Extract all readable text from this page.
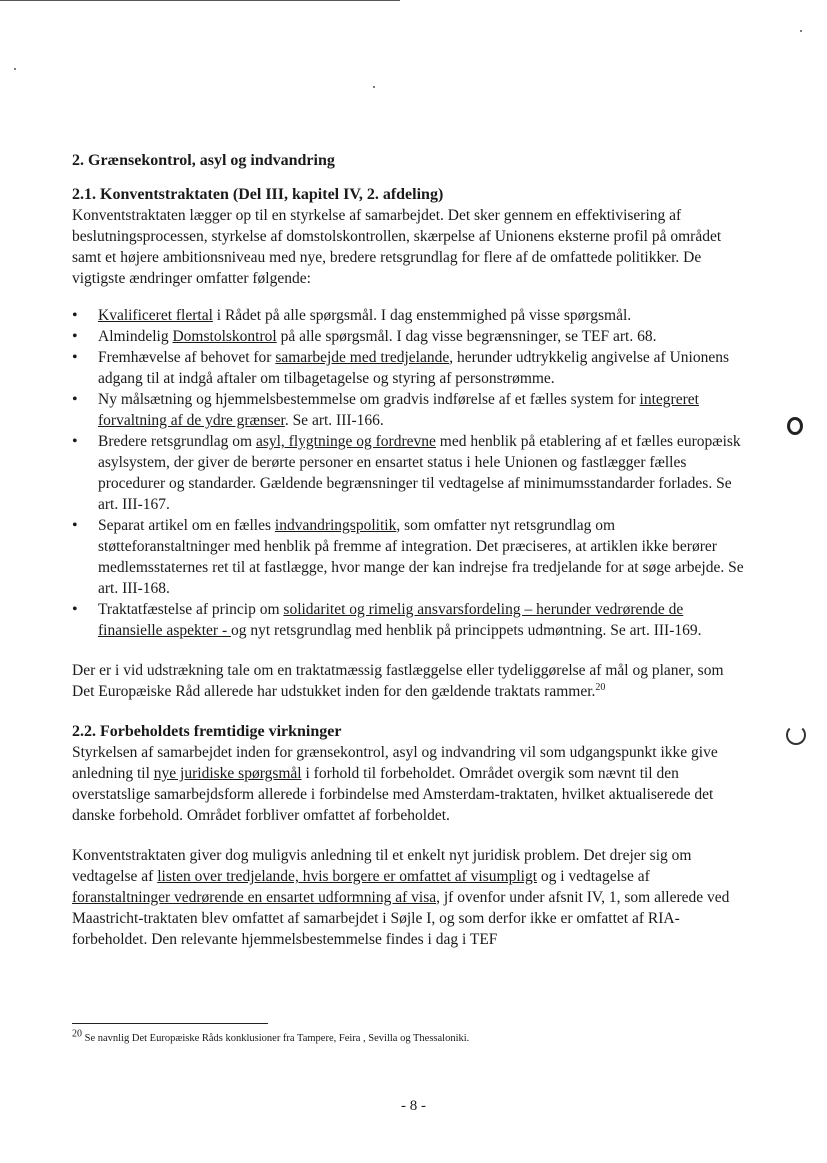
2. Grænsekontrol, asyl og indvandring
2.1. Konventstraktaten (Del III, kapitel IV, 2. afdeling)

Konventstraktaten lægger op til en styrkelse af samarbejdet. Det sker gennem en effektivisering af beslutningsprocessen, styrkelse af domstolskontrollen, skærpelse af Unionens eksterne profil på området samt et højere ambitionsniveau med nye, bredere retsgrundlag for flere af de omfattede politikker. De vigtigste ændringer omfatter følgende:

• Kvalificeret flertal i Rådet på alle spørgsmål. I dag enstemmighed på visse spørgsmål.
• Almindelig Domstolskontrol på alle spørgsmål. I dag visse begrænsninger, se TEF art. 68.
• Fremhævelse af behovet for samarbejde med tredjelande, herunder udtrykkelig angivelse af Unionens adgang til at indgå aftaler om tilbagetagelse og styring af personstrømme.
• Ny målsætning og hjemmelsbestemmelse om gradvis indførelse af et fælles system for integreret forvaltning af de ydre grænser. Se art. III-166.
• Bredere retsgrundlag om asyl, flygtninge og fordrevne med henblik på etablering af et fælles europæisk asylsystem, der giver de berørte personer en ensartet status i hele Unionen og fastlægger fælles procedurer og standarder. Gældende begrænsninger til vedtagelse af minimumsstandarder forlades. Se art. III-167.
• Separat artikel om en fælles indvandringspolitik, som omfatter nyt retsgrundlag om støtteforanstaltninger med henblik på fremme af integration. Det præciseres, at artiklen ikke berører medlemsstaternes ret til at fastlægge, hvor mange der kan indrejse fra tredjelande for at søge arbejde. Se art. III-168.
• Traktatfæstelse af princip om solidaritet og rimelig ansvarsfordeling – herunder vedrørende de finansielle aspekter - og nyt retsgrundlag med henblik på princippets udmøntning. Se art. III-169.

Der er i vid udstrækning tale om en traktatmæssig fastlæggelse eller tydeliggørelse af mål og planer, som Det Europæiske Råd allerede har udstukket inden for den gældende traktats rammer.$^{20}$

2.2. Forbeholdets fremtidige virkninger

Styrkelsen af samarbejdet inden for grænsekontrol, asyl og indvandring vil som udgangspunkt ikke give anledning til nye juridiske spørgsmål i forhold til forbeholdet. Området overgik som nævnt til den overstatslige samarbejdsform allerede i forbindelse med Amsterdam-traktaten, hvilket aktualiserede det danske forbehold. Området forbliver omfattet af forbeholdet.

Konventstraktaten giver dog muligvis anledning til et enkelt nyt juridisk problem. Det drejer sig om vedtagelse af listen over tredjelande, hvis borgere er omfattet af visumpligt og i vedtagelse af foranstaltninger vedrørende en ensartet udformning af visa, jf ovenfor under afsnit IV, 1, som allerede ved Maastricht-traktaten blev omfattet af samarbejdet i Søjle I, og som derfor ikke er omfattet af RIA-forbeholdet. Den relevante hjemmelsbestemmelse findes i dag i TEF

$^{20}$ Se navnlig Det Europæiske Råds konklusioner fra Tampere, Feira , Sevilla og Thessaloniki.
- 8 -
